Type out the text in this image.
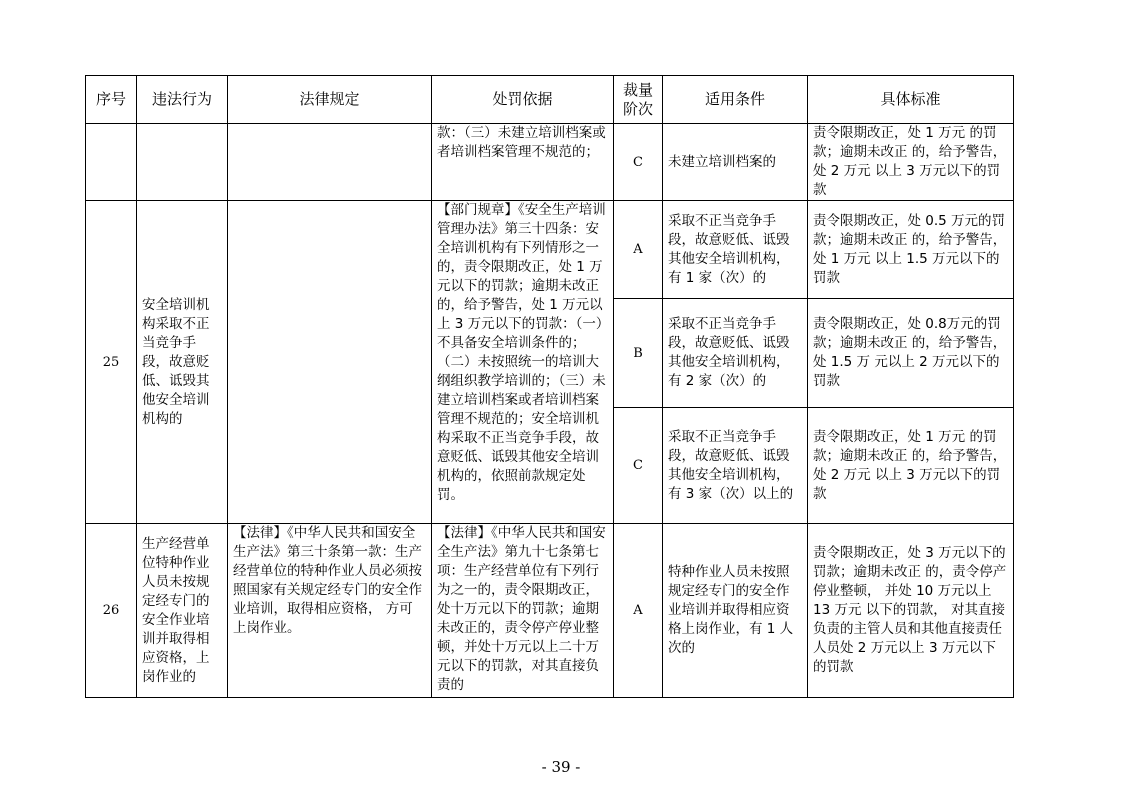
序号	违法行为	法律规定	处罚依据	裁量阶次	适用条件	具体标准
			款：（三）未建立培训档案或者培训档案管理不规范的；	C	未建立培训档案的	责令限期改正，处 1 万元 的罚款；逾期未改正 的，给予警告，处 2 万元 以上 3 万元以下的罚款
25	安全培训机构采取不正当竞争手段，故意贬低、诋毁其他安全培训机构的		【部门规章】《安全生产培训管理办法》第三十四条：安全培训机构有下列情形之一的，责令限期改正，处 1 万元以下的罚款；逾期未改正的，给予警告，处 1 万元以上 3 万元以下的罚款：（一）不具备安全培训条件的；（二）未按照统一的培训大纲组织教学培训的；（三）未建立培训档案或者培训档案管理不规范的；安全培训机构采取不正当竞争手段，故意贬低、诋毁其他安全培训机构的，依照前款规定处罚。	A	采取不正当竞争手段，故意贬低、诋毁其他安全培训机构，有 1 家（次）的	责令限期改正，处 0.5 万元的罚款；逾期未改正 的，给予警告，处 1 万元 以上 1.5 万元以下的罚款
				B	采取不正当竞争手段，故意贬低、诋毁其他安全培训机构，有 2 家（次）的	责令限期改正，处 0.8万元的罚款；逾期未改正 的，给予警告，处 1.5 万 元以上 2 万元以下的罚款
				C	采取不正当竞争手段，故意贬低、诋毁其他安全培训机构，有 3 家（次）以上的	责令限期改正，处 1 万元 的罚款；逾期未改正 的，给予警告，处 2 万元 以上 3 万元以下的罚款
26	生产经营单位特种作业人员未按规定经专门的安全作业培训并取得相应资格，上岗作业的	【法律】《中华人民共和国安全生产法》第三十条第一款：生产经营单位的特种作业人员必须按照国家有关规定经专门的安全作业培训，取得相应资格， 方可上岗作业。	【法律】《中华人民共和国安全生产法》第九十七条第七项：生产经营单位有下列行为之一的，责令限期改正，处十万元以下的罚款；逾期未改正的，责令停产停业整顿，并处十万元以上二十万元以下的罚款，对其直接负责的	A	特种作业人员未按照规定经专门的安全作业培训并取得相应资格上岗作业，有 1 人次的	责令限期改正，处 3 万元以下的罚款；逾期未改正 的，责令停产停业整顿， 并处 10 万元以上 13 万元 以下的罚款， 对其直接负责的主管人员和其他直接责任人员处 2 万元以上 3 万元以下的罚款
- 39 -
